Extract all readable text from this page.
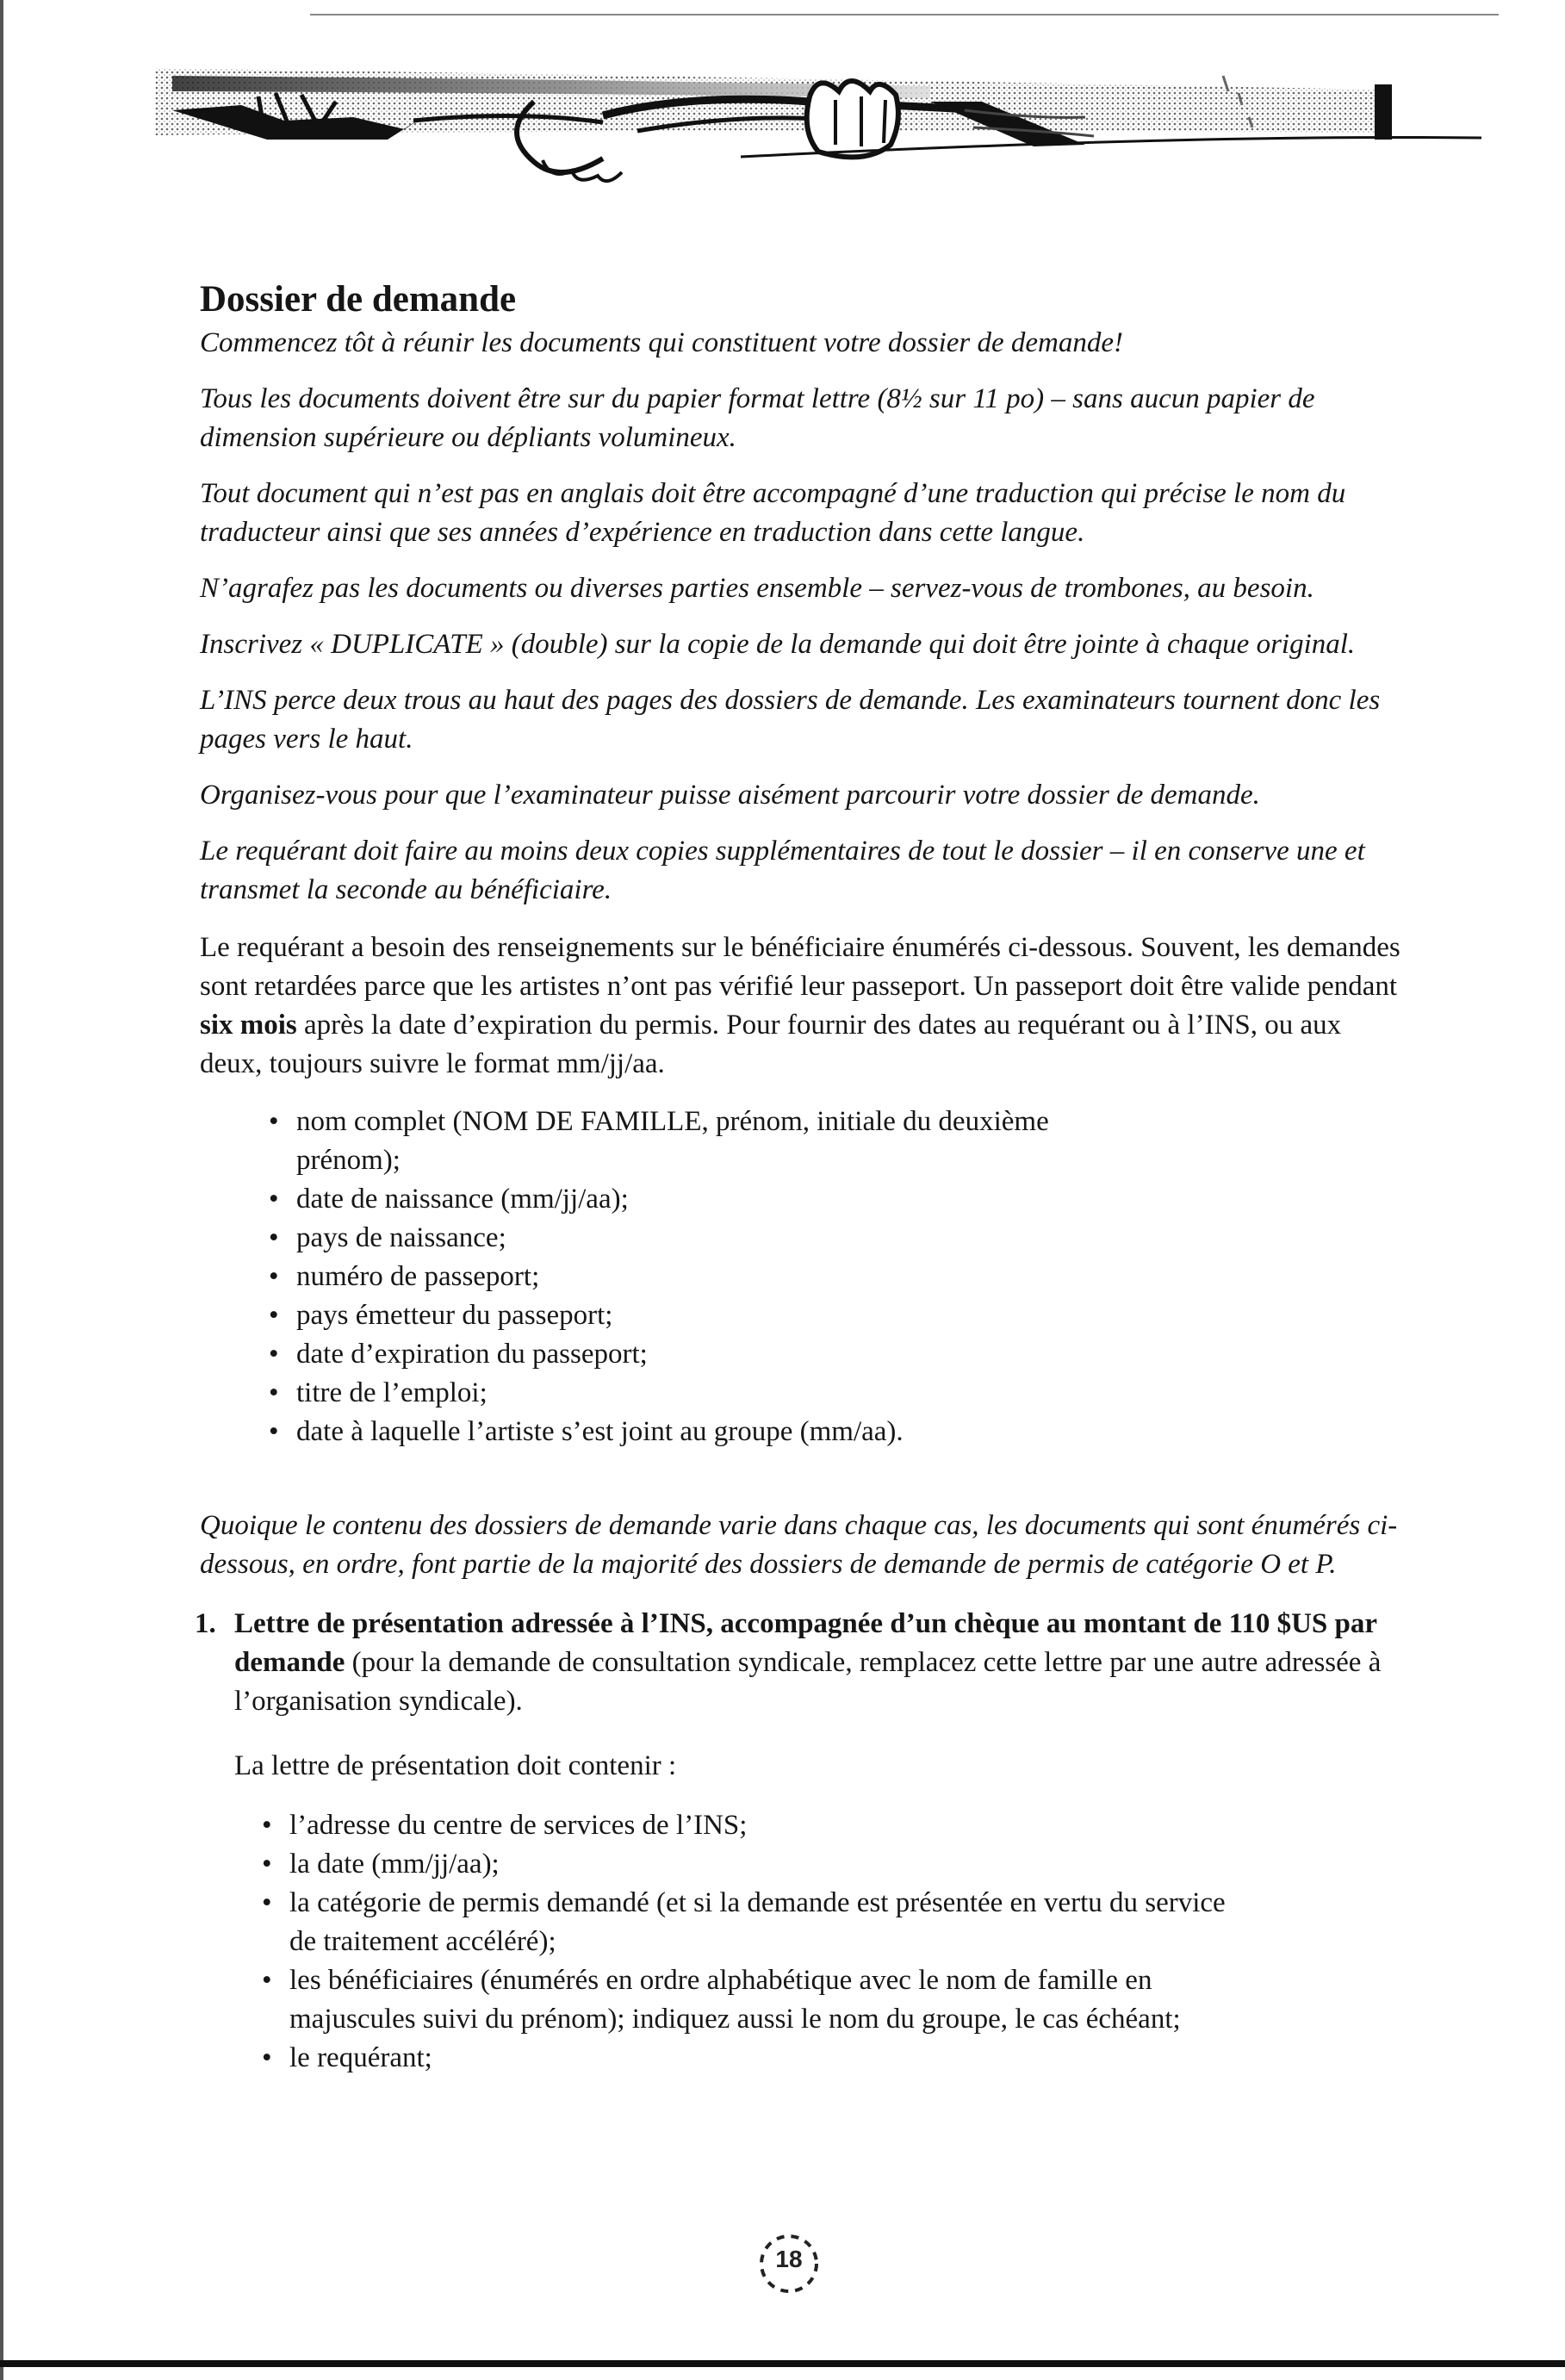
Dossier de demande

Commencez tôt à réunir les documents qui constituent votre dossier de demande!

Tous les documents doivent être sur du papier format lettre (8½ sur 11 po) – sans aucun papier de dimension supérieure ou dépliants volumineux.

Tout document qui n’est pas en anglais doit être accompagné d’une traduction qui précise le nom du traducteur ainsi que ses années d’expérience en traduction dans cette langue.

N’agrafez pas les documents ou diverses parties ensemble – servez-vous de trombones, au besoin.

Inscrivez « DUPLICATE » (double) sur la copie de la demande qui doit être jointe à chaque original.

L’INS perce deux trous au haut des pages des dossiers de demande. Les examinateurs tournent donc les pages vers le haut.

Organisez-vous pour que l’examinateur puisse aisément parcourir votre dossier de demande.

Le requérant doit faire au moins deux copies supplémentaires de tout le dossier – il en conserve une et transmet la seconde au bénéficiaire.

Le requérant a besoin des renseignements sur le bénéficiaire énumérés ci-dessous. Souvent, les demandes sont retardées parce que les artistes n’ont pas vérifié leur passeport. Un passeport doit être valide pendant six mois après la date d’expiration du permis. Pour fournir des dates au requérant ou à l’INS, ou aux deux, toujours suivre le format mm/jj/aa.

• nom complet (NOM DE FAMILLE, prénom, initiale du deuxième prénom);
• date de naissance (mm/jj/aa);
• pays de naissance;
• numéro de passeport;
• pays émetteur du passeport;
• date d’expiration du passeport;
• titre de l’emploi;
• date à laquelle l’artiste s’est joint au groupe (mm/aa).

Quoique le contenu des dossiers de demande varie dans chaque cas, les documents qui sont énumérés ci-dessous, en ordre, font partie de la majorité des dossiers de demande de permis de catégorie O et P.

1. Lettre de présentation adressée à l’INS, accompagnée d’un chèque au montant de 110 $US par demande (pour la demande de consultation syndicale, remplacez cette lettre par une autre adressée à l’organisation syndicale).

La lettre de présentation doit contenir :

• l’adresse du centre de services de l’INS;
• la date (mm/jj/aa);
• la catégorie de permis demandé (et si la demande est présentée en vertu du service de traitement accéléré);
• les bénéficiaires (énumérés en ordre alphabétique avec le nom de famille en majuscules suivi du prénom); indiquez aussi le nom du groupe, le cas échéant;
• le requérant;
18
